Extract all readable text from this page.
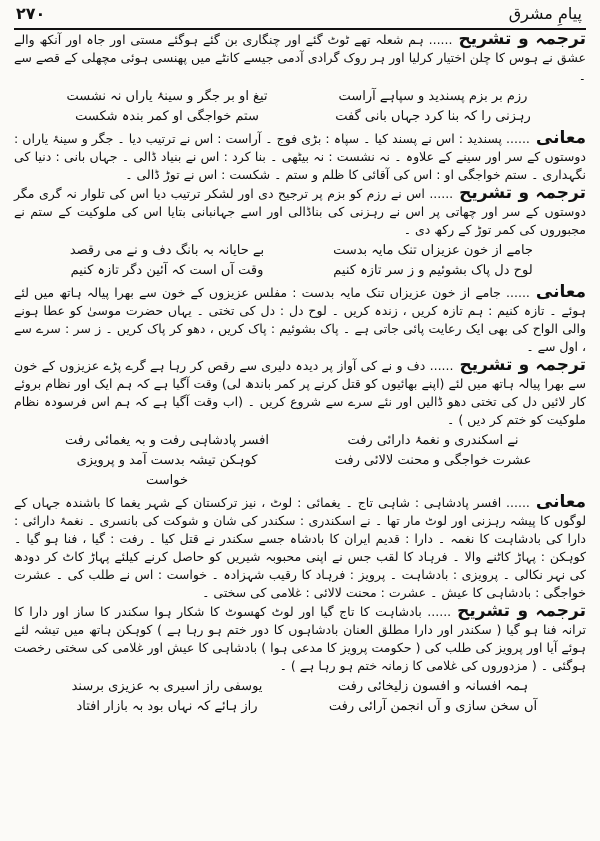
۲۷۰	پیامِ مشرق

ترجمہ و تشریح...... ہم شعلہ تھے ٹوٹ گئے اور چنگاری بن گئے ہوگئے مستی اور جاہ اور آنکھ والے عشق نے ہوس کا چلن اختیار کرلیا اور ہر روک گرادی آدمی جیسے کانٹے میں پھنسی ہوئی مچھلی کے قصے سے ۔

رزم بر بزم پسندید و سپاہے آراست
تیغ او بر جگر و سینۂ یاراں نہ نشست
رہزنی را کہ بنا کرد جہاں بانی گفت
ستم خواجگی او کمر بندہ شکست

معانی...... پسندید : اس نے پسند کیا ۔ سپاہ : بڑی فوج ۔ آراست : اس نے ترتیب دیا ۔ جگر و سینۂ یاراں : دوستوں کے سر اور سینے کے علاوہ ۔ نہ نشست : نہ بیٹھی ۔ بنا کرد : اس نے بنیاد ڈالی ۔ جہاں بانی : دنیا کی نگہداری ۔ ستم خواجگی او : اس کی آقائی کا ظلم و ستم ۔ شکست : اس نے توڑ ڈالی ۔

ترجمہ و تشریح...... اس نے رزم کو بزم پر ترجیح دی اور لشکر ترتیب دیا اس کی تلوار نہ گری مگر دوستوں کے سر اور چھاتی پر اس نے رہزنی کی بناڈالی اور اسے جہانبانی بتایا اس کی ملوکیت کے ستم نے مجبوروں کی کمر توڑ کے رکھ دی ۔

جامے از خون عزیزاں تنک مایہ بدست
بے حایانہ بہ بانگ دف و نے می رقصد
لوح دل پاک بشوئیم و ز سر تازہ کنیم
وقت آں است کہ آئین دگر تازہ کنیم

معانی...... جامے از خون عزیزاں تنک مایہ بدست : مفلس عزیزوں کے خون سے بھرا پیالہ ہاتھ میں لئے ہوئے ۔ تازہ کنیم : ہم تازہ کریں ، زندہ کریں ۔ لوح دل : دل کی تختی ۔ یہاں حضرت موسیٰ کو عطا ہونے والی الواح کی بھی ایک رعایت پائی جاتی ہے ۔ پاک بشوئیم : پاک کریں ، دھو کر پاک کریں ۔ ز سر : سرے سے ، اول سے ۔

ترجمہ و تشریح...... دف و نے کی آواز پر دیدہ دلیری سے رقص کر رہا ہے گرے پڑے عزیزوں کے خون سے بھرا پیالہ ہاتھ میں لئے (اپنے بھائیوں کو قتل کرنے پر کمر باندھ لی) وقت آگیا ہے کہ ہم ایک اور نظام بروئے کار لائیں دل کی تختی دھو ڈالیں اور نئے سرے سے شروع کریں ۔ (اب وقت آگیا ہے کہ ہم اس فرسودہ نظام ملوکیت کو ختم کر دیں ) ۔

نے اسکندری و نغمۂ دارائی رفت
افسر پادشاہی رفت و بہ یغمائی رفت
عشرت خواجگی و محنت لالائی رفت
کوہکن تیشہ بدست آمد و پرویزی خواست

معانی...... افسر پادشاہی : شاہی تاج ۔ یغمائی : لوٹ ، نیز ترکستان کے شہر یغما کا باشندہ جہاں کے لوگوں کا پیشہ رہزنی اور لوٹ مار تھا ۔ نے اسکندری : سکندر کی شان و شوکت کی بانسری ۔ نغمۂ دارائی : دارا کی بادشاہت کا نغمہ ۔ دارا : قدیم ایران کا بادشاہ جسے سکندر نے قتل کیا ۔ رفت : گیا ، فنا ہو گیا ۔ کوہکن : پہاڑ کاٹنے والا ۔ فرہاد کا لقب جس نے اپنی محبوبہ شیریں کو حاصل کرنے کیلئے پہاڑ کاٹ کر دودھ کی نہر نکالی ۔ پرویزی : بادشاہت ۔ پرویز : فرہاد کا رقیب شہزادہ ۔ خواست : اس نے طلب کی ۔ عشرت خواجگی : بادشاہی کا عیش ۔ عشرت : محنت لالائی : غلامی کی سختی ۔

ترجمہ و تشریح...... بادشاہت کا تاج گیا اور لوٹ کھسوٹ کا شکار ہوا سکندر کا ساز اور دارا کا ترانہ فنا ہو گیا ( سکندر اور دارا مطلق العنان بادشاہوں کا دور ختم ہو رہا ہے ) کوہکن ہاتھ میں تیشہ لئے ہوئے آیا اور پرویز کی طلب کی ( حکومت پرویز کا مدعی ہوا ) بادشاہی کا عیش اور غلامی کی سختی رخصت ہوگئی ۔ ( مزدوروں کی غلامی کا زمانہ ختم ہو رہا ہے ) ۔

ہمہ افسانہ و افسون زلیخائی رفت
یوسفی راز اسیری بہ عزیزی برسند
آں سخن سازی و آں انجمن آرائی رفت
راز ہائے کہ نہاں بود بہ بازار افتاد
